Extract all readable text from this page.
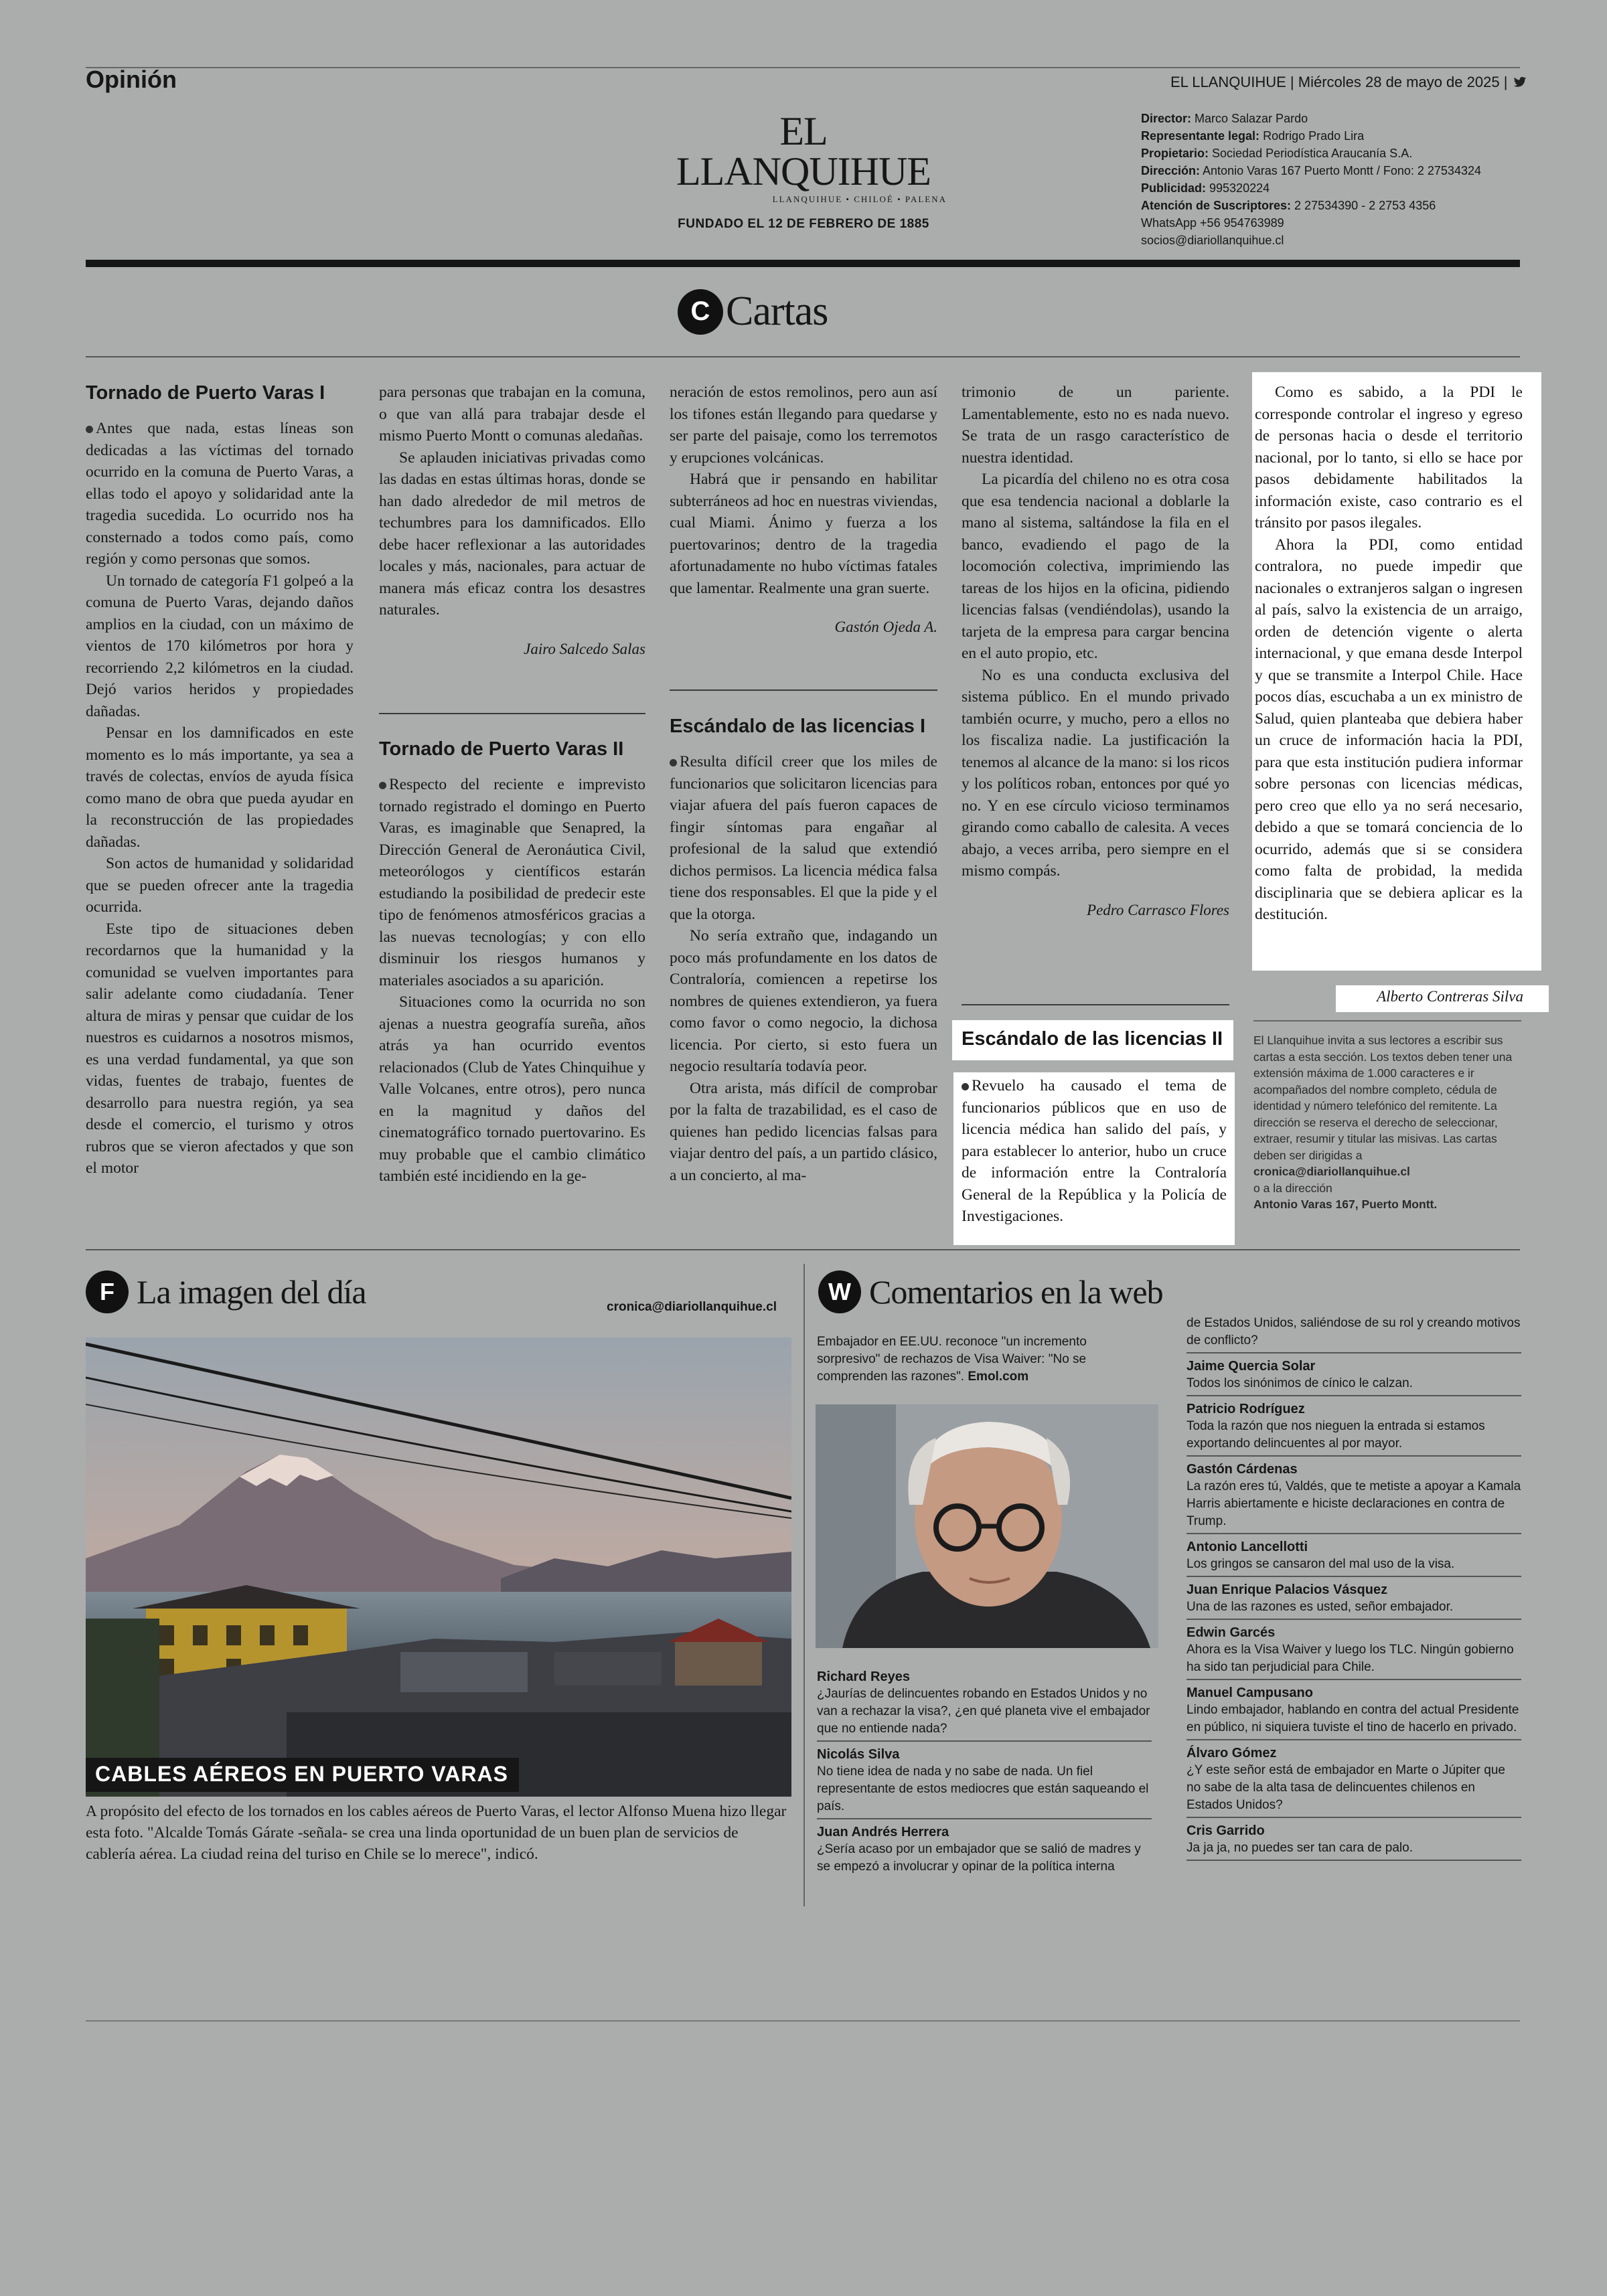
Opinión	EL LLANQUIHUE | Miércoles 28 de mayo de 2025 |
EL LLANQUIHUE
LLANQUIHUE • CHILOÉ • PALENA
FUNDADO EL 12 DE FEBRERO DE 1885
Director: Marco Salazar Pardo
Representante legal: Rodrigo Prado Lira
Propietario: Sociedad Periodística Araucanía S.A.
Dirección: Antonio Varas 167 Puerto Montt / Fono: 2 27534324
Publicidad: 995320224
Atención de Suscriptores: 2 27534390 - 2 2753 4356
WhatsApp +56 954763989
socios@diariollanquihue.cl
C Cartas
Tornado de Puerto Varas I

Antes que nada, estas líneas son dedicadas a las víctimas del tornado ocurrido en la comuna de Puerto Varas, a ellas todo el apoyo y solidaridad ante la tragedia sucedida. Lo ocurrido nos ha consternado a todos como país, como región y como personas que somos.

Un tornado de categoría F1 golpeó a la comuna de Puerto Varas, dejando daños amplios en la ciudad, con un máximo de vientos de 170 kilómetros por hora y recorriendo 2,2 kilómetros en la ciudad. Dejó varios heridos y propiedades dañadas.

Pensar en los damnificados en este momento es lo más importante, ya sea a través de colectas, envíos de ayuda física como mano de obra que pueda ayudar en la reconstrucción de las propiedades dañadas.

Son actos de humanidad y solidaridad que se pueden ofrecer ante la tragedia ocurrida.

Este tipo de situaciones deben recordarnos que la humanidad y la comunidad se vuelven importantes para salir adelante como ciudadanía. Tener altura de miras y pensar que cuidar de los nuestros es cuidarnos a nosotros mismos, es una verdad fundamental, ya que son vidas, fuentes de trabajo, fuentes de desarrollo para nuestra región, ya sea desde el comercio, el turismo y otros rubros que se vieron afectados y que son el motor

para personas que trabajan en la comuna, o que van allá para trabajar desde el mismo Puerto Montt o comunas aledañas.

Se aplauden iniciativas privadas como las dadas en estas últimas horas, donde se han dado alrededor de mil metros de techumbres para los damnificados. Ello debe hacer reflexionar a las autoridades locales y más, nacionales, para actuar de manera más eficaz contra los desastres naturales.

Jairo Salcedo Salas
Tornado de Puerto Varas II

Respecto del reciente e imprevisto tornado registrado el domingo en Puerto Varas, es imaginable que Senapred, la Dirección General de Aeronáutica Civil, meteorólogos y científicos estarán estudiando la posibilidad de predecir este tipo de fenómenos atmosféricos gracias a las nuevas tecnologías; y con ello disminuir los riesgos humanos y materiales asociados a su aparición.

Situaciones como la ocurrida no son ajenas a nuestra geografía sureña, años atrás ya han ocurrido eventos relacionados (Club de Yates Chinquihue y Valle Volcanes, entre otros), pero nunca en la magnitud y daños del cinematográfico tornado puertovarino. Es muy probable que el cambio climático también esté incidiendo en la ge-

neración de estos remolinos, pero aun así los tifones están llegando para quedarse y ser parte del paisaje, como los terremotos y erupciones volcánicas.

Habrá que ir pensando en habilitar subterráneos ad hoc en nuestras viviendas, cual Miami. Ánimo y fuerza a los puertovarinos; dentro de la tragedia afortunadamente no hubo víctimas fatales que lamentar. Realmente una gran suerte.

Gastón Ojeda A.
Escándalo de las licencias I

Resulta difícil creer que los miles de funcionarios que solicitaron licencias para viajar afuera del país fueron capaces de fingir síntomas para engañar al profesional de la salud que extendió dichos permisos. La licencia médica falsa tiene dos responsables. El que la pide y el que la otorga.

No sería extraño que, indagando un poco más profundamente en los datos de Contraloría, comiencen a repetirse los nombres de quienes extendieron, ya fuera como favor o como negocio, la dichosa licencia. Por cierto, si esto fuera un negocio resultaría todavía peor.

Otra arista, más difícil de comprobar por la falta de trazabilidad, es el caso de quienes han pedido licencias falsas para viajar dentro del país, a un partido clásico, a un concierto, al ma-

trimonio de un pariente. Lamentablemente, esto no es nada nuevo. Se trata de un rasgo característico de nuestra identidad.

La picardía del chileno no es otra cosa que esa tendencia nacional a doblarle la mano al sistema, saltándose la fila en el banco, evadiendo el pago de la locomoción colectiva, imprimiendo las tareas de los hijos en la oficina, pidiendo licencias falsas (vendiéndolas), usando la tarjeta de la empresa para cargar bencina en el auto propio, etc.

No es una conducta exclusiva del sistema público. En el mundo privado también ocurre, y mucho, pero a ellos no los fiscaliza nadie. La justificación la tenemos al alcance de la mano: si los ricos y los políticos roban, entonces por qué yo no. Y en ese círculo vicioso terminamos girando como caballo de calesita. A veces abajo, a veces arriba, pero siempre en el mismo compás.

Pedro Carrasco Flores
Escándalo de las licencias II

Revuelo ha causado el tema de funcionarios públicos que en uso de licencia médica han salido del país, y para establecer lo anterior, hubo un cruce de información entre la Contraloría General de la República y la Policía de Investigaciones.

Como es sabido, a la PDI le corresponde controlar el ingreso y egreso de personas hacia o desde el territorio nacional, por lo tanto, si ello se hace por pasos debidamente habilitados la información existe, caso contrario es el tránsito por pasos ilegales.

Ahora la PDI, como entidad contralora, no puede impedir que nacionales o extranjeros salgan o ingresen al país, salvo la existencia de un arraigo, orden de detención vigente o alerta internacional, y que emana desde Interpol y que se transmite a Interpol Chile. Hace pocos días, escuchaba a un ex ministro de Salud, quien planteaba que debiera haber un cruce de información hacia la PDI, para que esta institución pudiera informar sobre personas con licencias médicas, pero creo que ello ya no será necesario, debido a que se tomará conciencia de lo ocurrido, además que si se considera como falta de probidad, la medida disciplinaria que se debiera aplicar es la destitución.

Alberto Contreras Silva
El Llanquihue invita a sus lectores a escribir sus cartas a esta sección. Los textos deben tener una extensión máxima de 1.000 caracteres e ir acompañados del nombre completo, cédula de identidad y número telefónico del remitente. La dirección se reserva el derecho de seleccionar, extraer, resumir y titular las misivas. Las cartas deben ser dirigidas a
cronica@diariollanquihue.cl
o a la dirección
Antonio Varas 167, Puerto Montt.
F La imagen del día	cronica@diariollanquihue.cl
CABLES AÉREOS EN PUERTO VARAS
A propósito del efecto de los tornados en los cables aéreos de Puerto Varas, el lector Alfonso Muena hizo llegar esta foto. "Alcalde Tomás Gárate -señala- se crea una linda oportunidad de un buen plan de servicios de cablería aérea. La ciudad reina del turiso en Chile se lo merece", indicó.
W Comentarios en la web
Embajador en EE.UU. reconoce "un incremento sorpresivo" de rechazos de Visa Waiver: "No se comprenden las razones". Emol.com
Richard Reyes
¿Jaurías de delincuentes robando en Estados Unidos y no van a rechazar la visa?, ¿en qué planeta vive el embajador que no entiende nada?
Nicolás Silva
No tiene idea de nada y no sabe de nada. Un fiel representante de estos mediocres que están saqueando el país.
Juan Andrés Herrera
¿Sería acaso por un embajador que se salió de madres y se empezó a involucrar y opinar de la política interna
de Estados Unidos, saliéndose de su rol y creando motivos de conflicto?
Jaime Quercia Solar
Todos los sinónimos de cínico le calzan.
Patricio Rodríguez
Toda la razón que nos nieguen la entrada si estamos exportando delincuentes al por mayor.
Gastón Cárdenas
La razón eres tú, Valdés, que te metiste a apoyar a Kamala Harris abiertamente e hiciste declaraciones en contra de Trump.
Antonio Lancellotti
Los gringos se cansaron del mal uso de la visa.
Juan Enrique Palacios Vásquez
Una de las razones es usted, señor embajador.
Edwin Garcés
Ahora es la Visa Waiver y luego los TLC. Ningún gobierno ha sido tan perjudicial para Chile.
Manuel Campusano
Lindo embajador, hablando en contra del actual Presidente en público, ni siquiera tuviste el tino de hacerlo en privado.
Álvaro Gómez
¿Y este señor está de embajador en Marte o Júpiter que no sabe de la alta tasa de delincuentes chilenos en Estados Unidos?
Cris Garrido
Ja ja ja, no puedes ser tan cara de palo.
